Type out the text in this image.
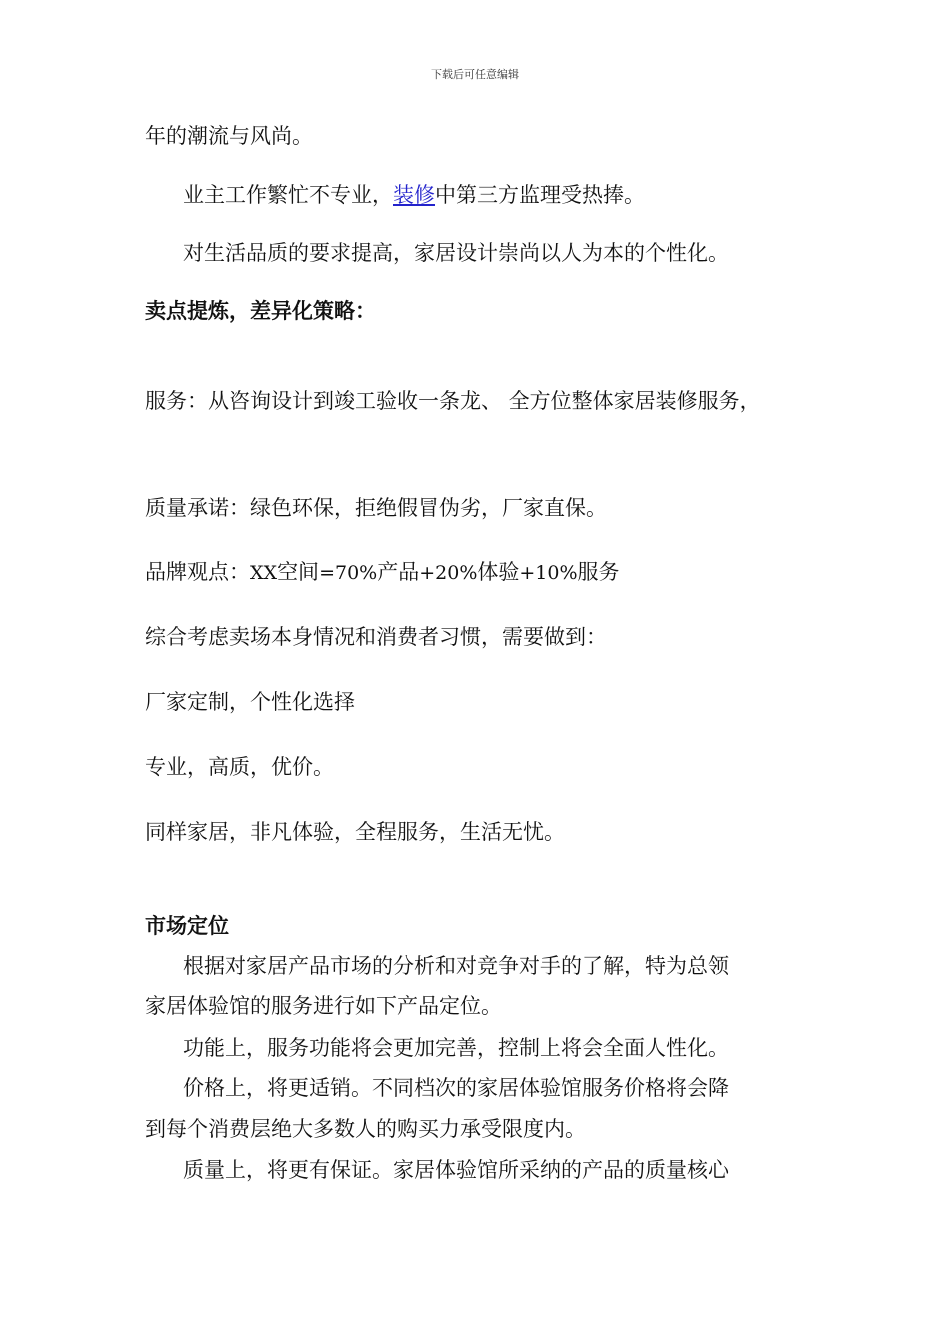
下载后可任意编辑
年的潮流与风尚。
业主工作繁忙不专业，装修中第三方监理受热捧。
对生活品质的要求提高，家居设计崇尚以人为本的个性化。
卖点提炼，差异化策略：
服务：从咨询设计到竣工验收一条龙、 全方位整体家居装修服务，
质量承诺：绿色环保，拒绝假冒伪劣，厂家直保。
品牌观点：XX空间=70%产品+20%体验+10%服务
综合考虑卖场本身情况和消费者习惯，需要做到：
厂家定制，个性化选择
专业，高质，优价。
同样家居，非凡体验，全程服务，生活无忧。
市场定位
根据对家居产品市场的分析和对竞争对手的了解，特为总领
家居体验馆的服务进行如下产品定位。
功能上，服务功能将会更加完善，控制上将会全面人性化。
价格上，将更适销。不同档次的家居体验馆服务价格将会降
到每个消费层绝大多数人的购买力承受限度内。
质量上，将更有保证。家居体验馆所采纳的产品的质量核心
